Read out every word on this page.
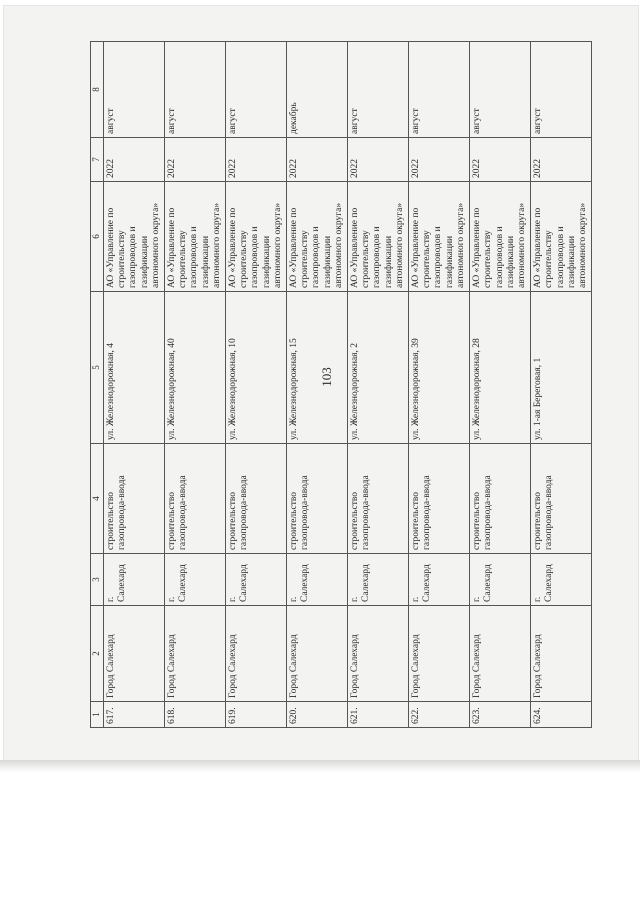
103
1	2	3	4	5	6	7	8
617.	Город Салехард	г. Салехард	строительство газопровода-ввода	ул. Железнодорожная, 4	АО «Управление по строительству газопроводов и газификации автономного округа»	2022	август
618.	Город Салехард	г. Салехард	строительство газопровода-ввода	ул. Железнодорожная, 40	АО «Управление по строительству газопроводов и газификации автономного округа»	2022	август
619.	Город Салехард	г. Салехард	строительство газопровода-ввода	ул. Железнодорожная, 10	АО «Управление по строительству газопроводов и газификации автономного округа»	2022	август
620.	Город Салехард	г. Салехард	строительство газопровода-ввода	ул. Железнодорожная, 15	АО «Управление по строительству газопроводов и газификации автономного округа»	2022	декабрь
621.	Город Салехард	г. Салехард	строительство газопровода-ввода	ул. Железнодорожная, 2	АО «Управление по строительству газопроводов и газификации автономного округа»	2022	август
622.	Город Салехард	г. Салехард	строительство газопровода-ввода	ул. Железнодорожная, 39	АО «Управление по строительству газопроводов и газификации автономного округа»	2022	август
623.	Город Салехард	г. Салехард	строительство газопровода-ввода	ул. Железнодорожная, 28	АО «Управление по строительству газопроводов и газификации автономного округа»	2022	август
624.	Город Салехард	г. Салехард	строительство газопровода-ввода	ул. 1-ая Береговая, 1	АО «Управление по строительству газопроводов и газификации автономного округа»	2022	август
